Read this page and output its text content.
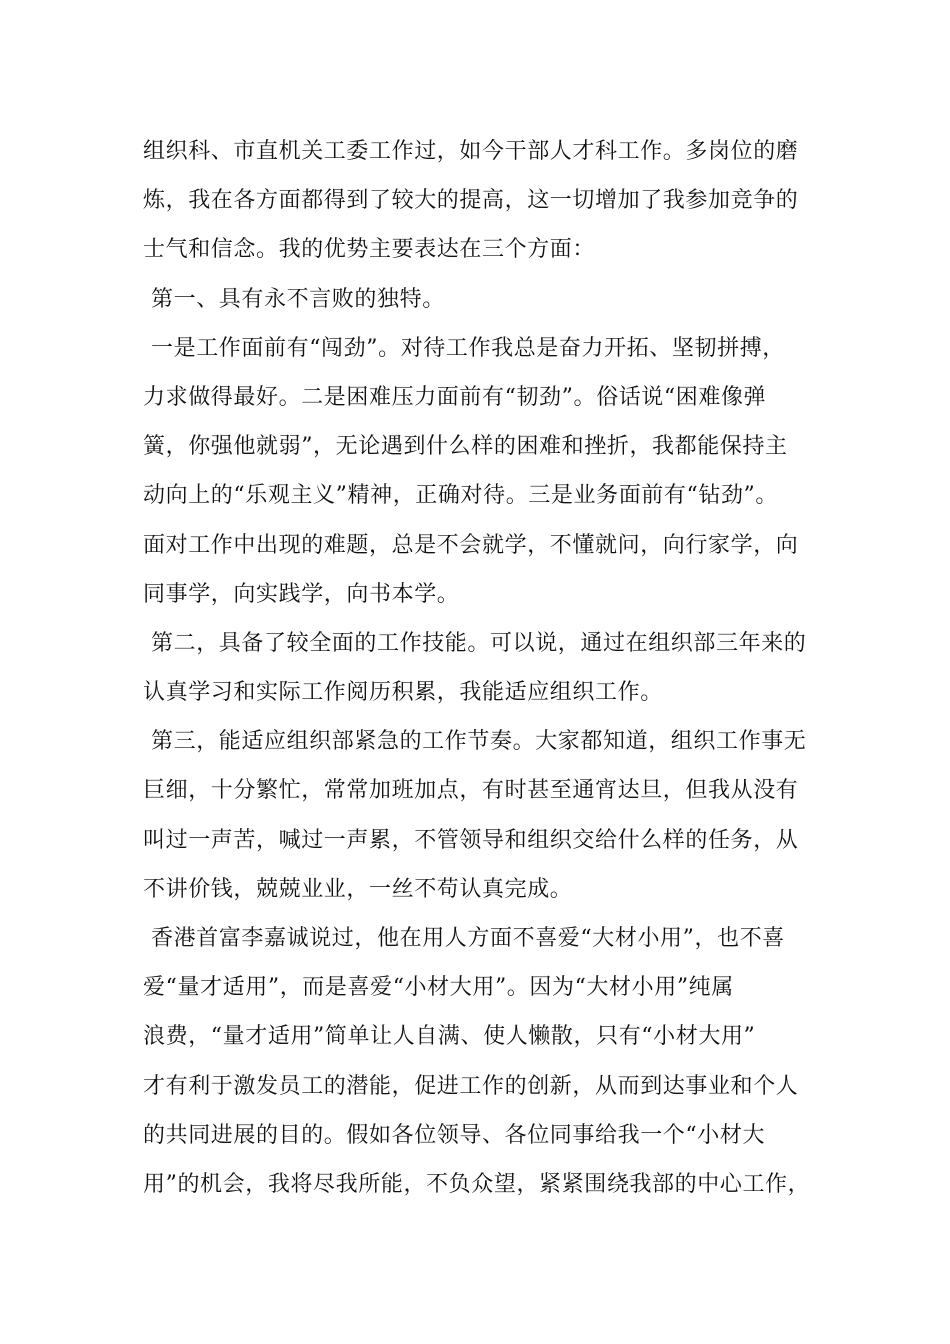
组织科、市直机关工委工作过，如今干部人才科工作。多岗位的磨
炼，我在各方面都得到了较大的提高，这一切增加了我参加竞争的
士气和信念。我的优势主要表达在三个方面：
第一、具有永不言败的独特。
一是工作面前有“闯劲”。对待工作我总是奋力开拓、坚韧拼搏，
力求做得最好。二是困难压力面前有“韧劲”。俗话说“困难像弹
簧，你强他就弱”，无论遇到什么样的困难和挫折，我都能保持主
动向上的“乐观主义”精神，正确对待。三是业务面前有“钻劲”。
面对工作中出现的难题，总是不会就学，不懂就问，向行家学，向
同事学，向实践学，向书本学。
第二，具备了较全面的工作技能。可以说，通过在组织部三年来的
认真学习和实际工作阅历积累，我能适应组织工作。
第三，能适应组织部紧急的工作节奏。大家都知道，组织工作事无
巨细，十分繁忙，常常加班加点，有时甚至通宵达旦，但我从没有
叫过一声苦，喊过一声累，不管领导和组织交给什么样的任务，从
不讲价钱，兢兢业业，一丝不苟认真完成。
香港首富李嘉诚说过，他在用人方面不喜爱“大材小用”，也不喜
爱“量才适用”，而是喜爱“小材大用”。因为“大材小用”纯属
浪费，“量才适用”简单让人自满、使人懒散，只有“小材大用”
才有利于激发员工的潜能，促进工作的创新，从而到达事业和个人
的共同进展的目的。假如各位领导、各位同事给我一个“小材大
用”的机会，我将尽我所能，不负众望，紧紧围绕我部的中心工作，
